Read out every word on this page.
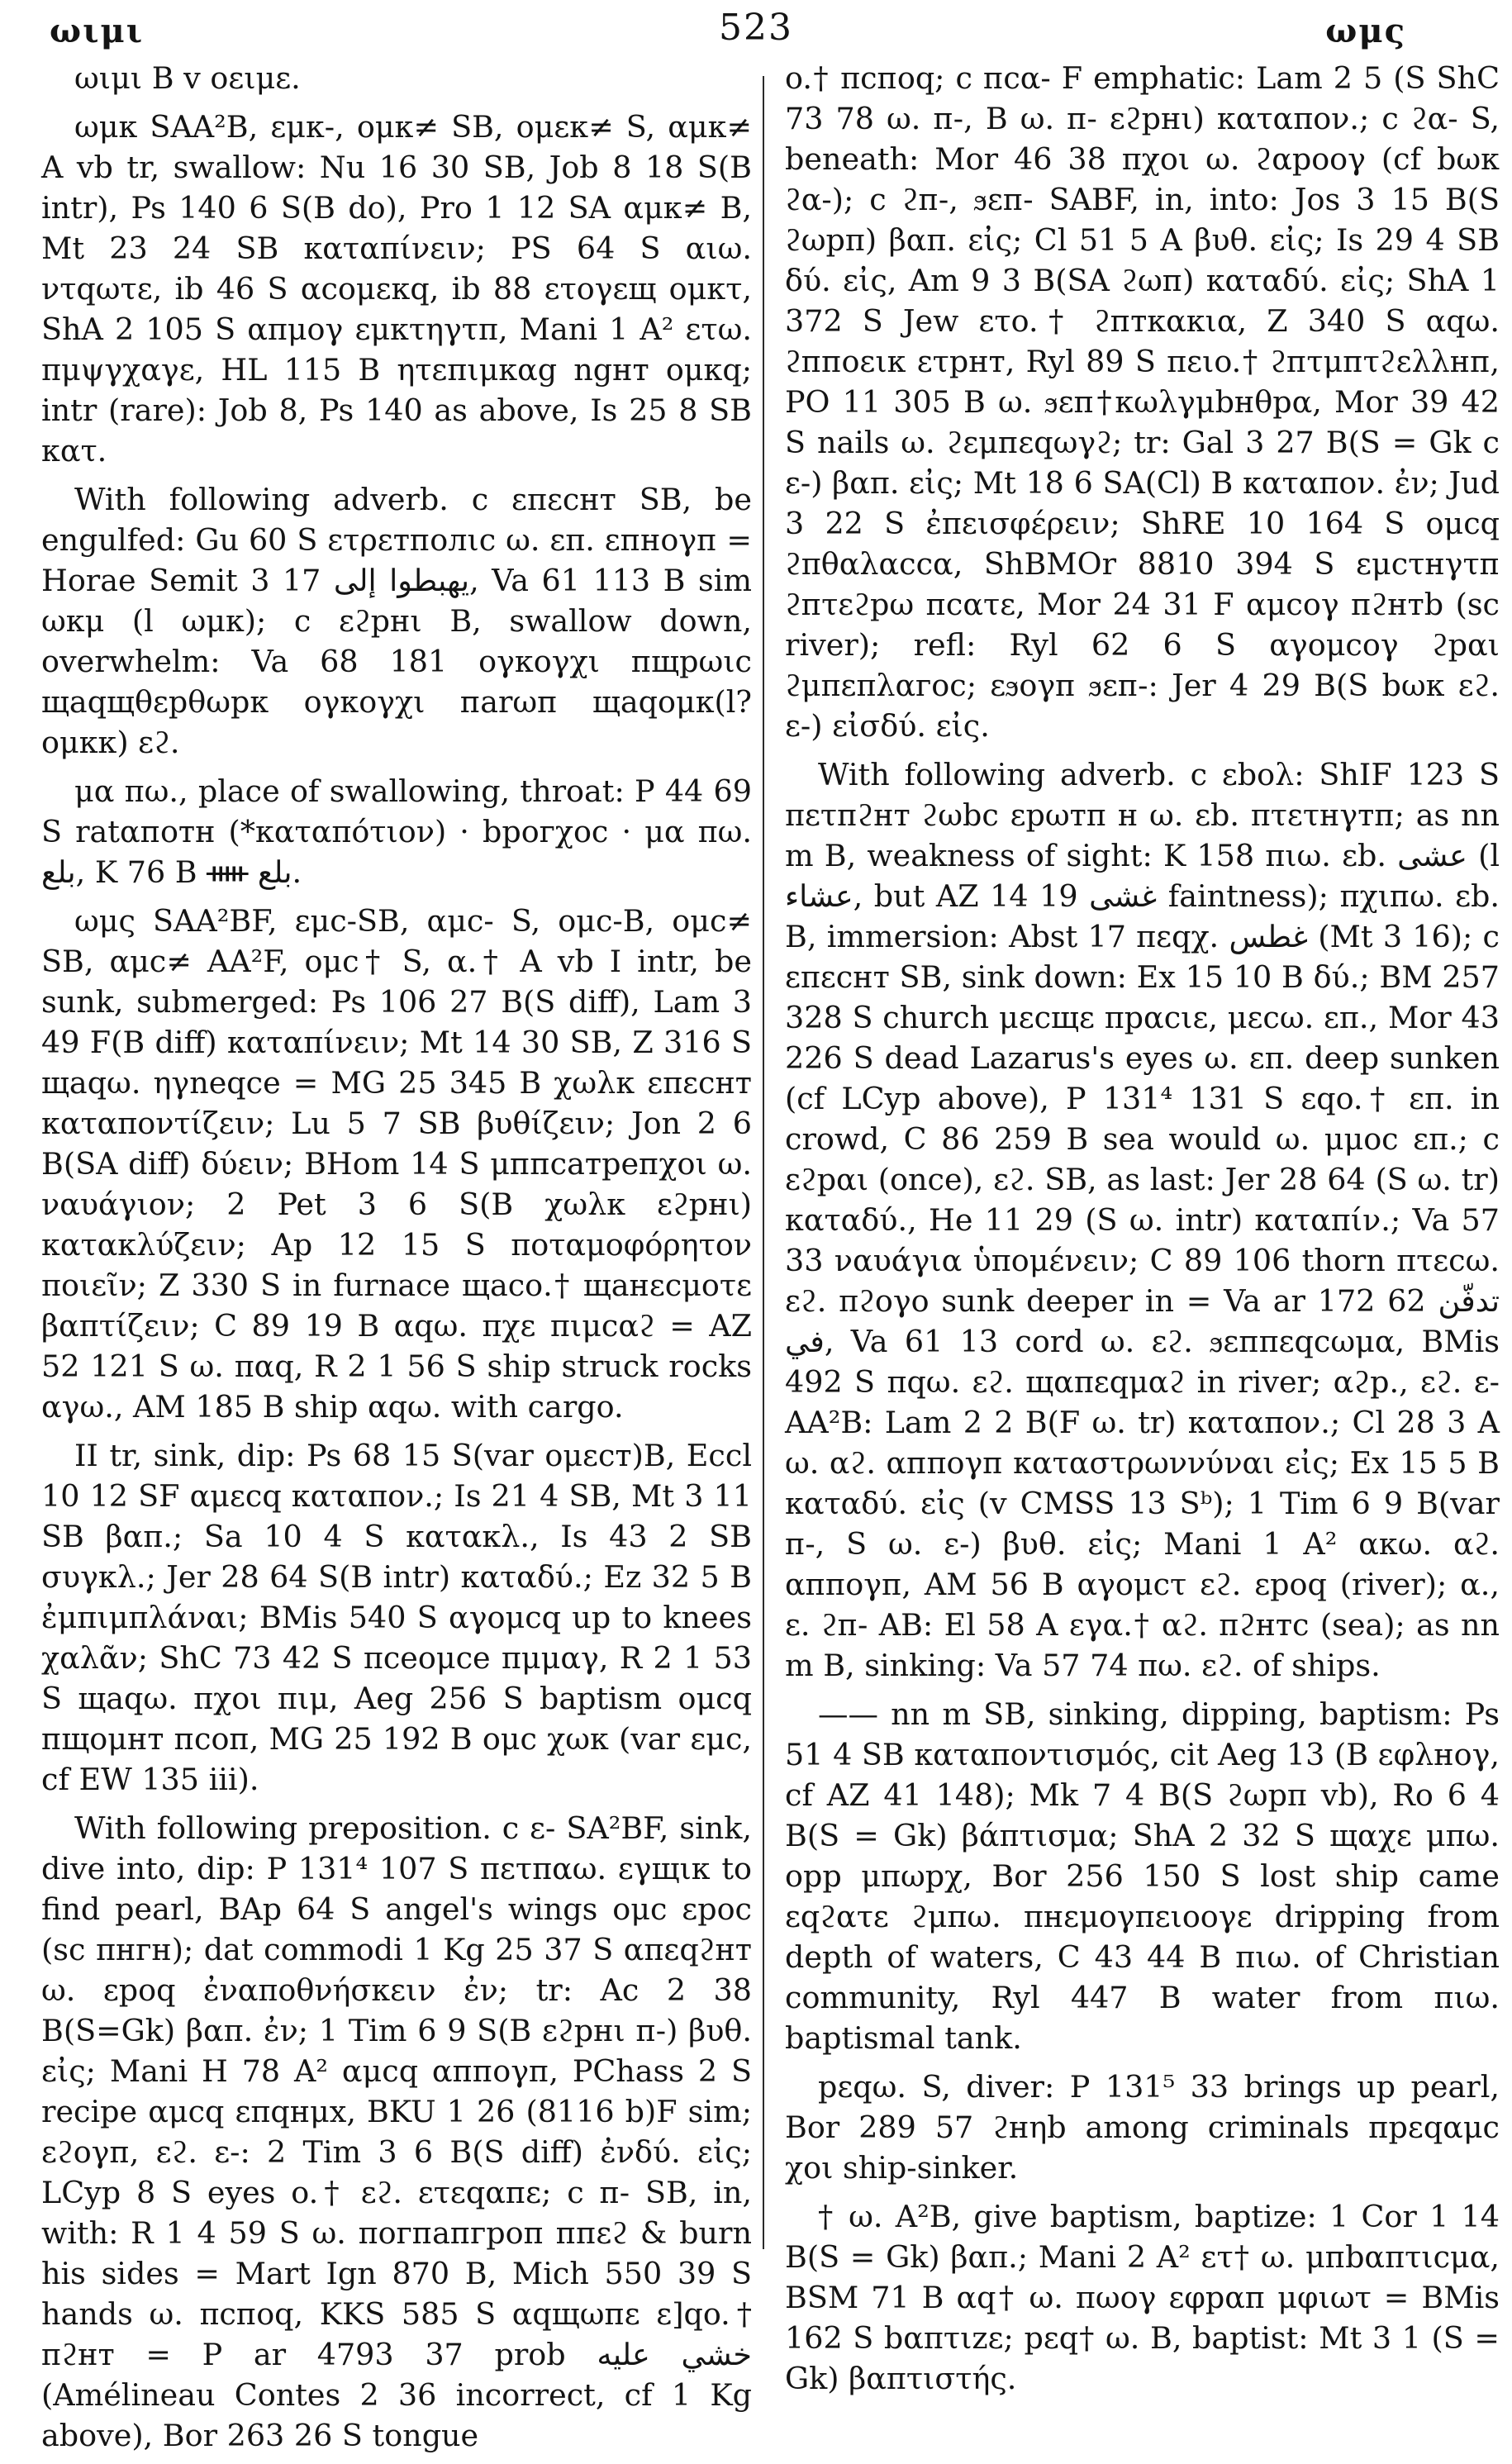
ωιμι	523	ωμς

ωιμι B v οειμε.

ωμκ SAA²B, εμκ-, ομκ≠ SB, ομεκ≠ S, αμκ≠ A vb tr, swallow: Nu 16 30 SB, Job 8 18 S(B intr), Ps 140 6 S(B do), Pro 1 12 SA αμκ≠ B, Mt 23 24 SB καταπίνειν; PS 64 S αιω. ντqωτε, ib 46 S αcoμεκq, ib 88 ετογεщ ομκτ, ShA 2 105 S απμογ εμκτηγτπ, Mani 1 A² ετω. πμψγχαγε, HL 115 B ητεπιμκαg ngнт ομκq; intr (rare): Job 8, Ps 140 as above, Is 25 8 SB κατ.

With following adverb. c επεcнт SB, be engulfed: Gu 60 S ετρεтполιс ω. επ. εпноγп = Horae Semit 3 17 يهبطوا إلى, Va 61 113 B sim ωκμ (l ωμκ); c εϩpнι B, swallow down, overwhelm: Va 68 181 ογκογχι пщpωιс щаqщθεpθωpκ ογκογχι паrωп щаqομк(l? ομκκ) εϩ.

μα πω., place of swallowing, throat: P 44 69 S ratαпoтн (*καταπότιον) · bpoгχoc · μα πω. بلع, K 76 B ᚔ بلع.

ωμς SAA²BF, εμc-SB, αμc- S, ομc-B, ομc≠ SB, αμc≠ AA²F, ομc† S, α.† A vb I intr, be sunk, submerged: Ps 106 27 B(S diff), Lam 3 49 F(B diff) καταπίνειν; Mt 14 30 SB, Z 316 S щаqω. ηγneqce = MG 25 345 B χωλκ επεcнт καταποντίζειν; Lu 5 7 SB βυθίζειν; Jon 2 6 B(SA diff) δύειν; BHom 14 S μппcатрепχoι ω. ναυάγιον; 2 Pet 3 6 S(B χωλκ εϩpнι) κατακλύζειν; Ap 12 15 S ποταμοφόρητον ποιεῖν; Z 330 S in furnace щacο.† щанεcμoτε βαπτίζειν; C 89 19 B αqω. πχε πιμcαϩ = AZ 52 121 S ω. παq, R 2 1 56 S ship struck rocks αγω., AM 185 B ship αqω. with cargo.

II tr, sink, dip: Ps 68 15 S(var oμεcт)B, Eccl 10 12 SF αμεcq καταπον.; Is 21 4 SB, Mt 3 11 SB βαπ.; Sa 10 4 S κατακλ., Is 43 2 SB συγκλ.; Jer 28 64 S(B intr) καταδύ.; Ez 32 5 B ἐμπιμπλάναι; BMis 540 S αγομcq up to knees χαλᾶν; ShC 73 42 S πceoμce πμμαγ, R 2 1 53 S щаqω. πχoι πιμ, Aeg 256 S baptism ομcq пщoμнт пcoп, MG 25 192 B ομc χωκ (var εμc, cf EW 135 iii).

With following preposition. c ε- SA²BF, sink, dive into, dip: P 131⁴ 107 S πετπαω. εγщιк to find pearl, BAp 64 S angel's wings ομc εpoc (sc πнгн); dat commodi 1 Kg 25 37 S απεqϩнт ω. εpoq ἐναποθνήσκειν ἐν; tr: Ac 2 38 B(S=Gk) βαπ. ἐν; 1 Tim 6 9 S(B εϩpнι п-) βυθ. εἰς; Mani H 78 A² αμcq αппoγп, PChass 2 S recipe αμcq επqнμx, BKU 1 26 (8116 b)F sim; εϩoγп, εϩ. ε-: 2 Tim 3 6 B(S diff) ἐνδύ. εἰς; LCyp 8 S eyes o.† εϩ. ετεqαпε; c п- SB, in, with: R 1 4 59 S ω. ποгпапгpoп ппεϩ & burn his sides = Mart Ign 870 B, Mich 550 39 S hands ω. πcпoq, KKS 585 S αqщωпε ε]qo.† пϩнт = P ar 4793 37 prob خشي عليه (Amélineau Contes 2 36 incorrect, cf 1 Kg above), Bor 263 26 S tongue

o.† πcпoq; c пcα- F emphatic: Lam 2 5 (S ShC 73 78 ω. п-, B ω. п- εϩpнι) καταπον.; c ϩα- S, beneath: Mor 46 38 πχoι ω. ϩαpooγ (cf bωк ϩα-); c ϩп-, ϧεп- SABF, in, into: Jos 3 15 B(S ϩωpπ) βαπ. εἰς; Cl 51 5 A βυθ. εἰς; Is 29 4 SB δύ. εἰς, Am 9 3 B(SA ϩωп) καταδύ. εἰς; ShA 1 372 S Jew ετo.† ϩптκακια, Z 340 S αqω. ϩппoειк ετpнт, Ryl 89 S πειo.† ϩпτμпτϩελλнп, PO 11 305 B ω. ϧεп†κωλγμbнθpα, Mor 39 42 S nails ω. ϩεμпεqωγϩ; tr: Gal 3 27 B(S = Gk c ε-) βαπ. εἰς; Mt 18 6 SA(Cl) B καταπον. ἐν; Jud 3 22 S ἐπεισφέρειν; ShRE 10 164 S ομcq ϩπθαλαccα, ShBMOr 8810 394 S εμcτнγτп ϩпτεϩpω пcατε, Mor 24 31 F αμcoγ пϩнтb (sc river); refl: Ryl 62 6 S αγομcoγ ϩpαι ϩμπεπλαгoc; εϧoγп ϧεп-: Jer 4 29 B(S bωк εϩ. ε-) εἰσδύ. εἰς.

With following adverb. c εbολ: ShIF 123 S πετпϩнт ϩωbc εpωтп н ω. εb. πτετнγтп; as nn m B, weakness of sight: K 158 πιω. εb. عشى (l عشاء, but AZ 14 19 غشى faintness); πχιпω. εb. B, immersion: Abst 17 πεqχ. غطس (Mt 3 16); c επεcнт SB, sink down: Ex 15 10 B δύ.; BM 257 328 S church μεcщε πpαcιε, μεcω. επ., Mor 43 226 S dead Lazarus's eyes ω. επ. deep sunken (cf LCyp above), P 131⁴ 131 S εqo.† επ. in crowd, C 86 259 B sea would ω. μμoc επ.; c εϩpαι (once), εϩ. SB, as last: Jer 28 64 (S ω. tr) καταδύ., He 11 29 (S ω. intr) καταπίν.; Va 57 33 ναυάγια ὑπομένειν; C 89 106 thorn πτεcω. εϩ. πϩoγo sunk deeper in = Va ar 172 62 تدفّن في, Va 61 13 cord ω. εϩ. ϧεпπεqcωμα, BMis 492 S πqω. εϩ. щαπεqμαϩ in river; αϩp., εϩ. ε- AA²B: Lam 2 2 B(F ω. tr) καταπον.; Cl 28 3 A ω. αϩ. αпπoγп καταστρωννύναι εἰς; Ex 15 5 B καταδύ. εἰς (v CMSS 13 Sᵇ); 1 Tim 6 9 B(var п-, S ω. ε-) βυθ. εἰς; Mani 1 A² αкω. αϩ. αппoγп, AM 56 B αγομcτ εϩ. εpoq (river); α., ε. ϩп- AB: El 58 A εγα.† αϩ. пϩнтc (sea); as nn m B, sinking: Va 57 74 πω. εϩ. of ships.

—— nn m SB, sinking, dipping, baptism: Ps 51 4 SB καταποντισμός, cit Aeg 13 (B εφλнoγ, cf AZ 41 148); Mk 7 4 B(S ϩωpπ vb), Ro 6 4 B(S = Gk) βάπτισμα; ShA 2 32 S щαχε μπω. opp μπωpχ, Bor 256 150 S lost ship came εqϩατε ϩμπω. πнεμoγπειooγε dripping from depth of waters, C 43 44 B πιω. of Christian community, Ryl 447 B water from πιω. baptismal tank.

pεqω. S, diver: P 131⁵ 33 brings up pearl, Bor 289 57 ϩнηb among criminals пpεqαμc χoι ship-sinker.

† ω. A²B, give baptism, baptize: 1 Cor 1 14 B(S = Gk) βαπ.; Mani 2 A² ετ† ω. μпbαπτιcμα, BSM 71 B αq† ω. πωoγ εφpαп μφιωτ = BMis 162 S bαπτιzε; pεq† ω. B, baptist: Mt 3 1 (S = Gk) βαπτιστής.
